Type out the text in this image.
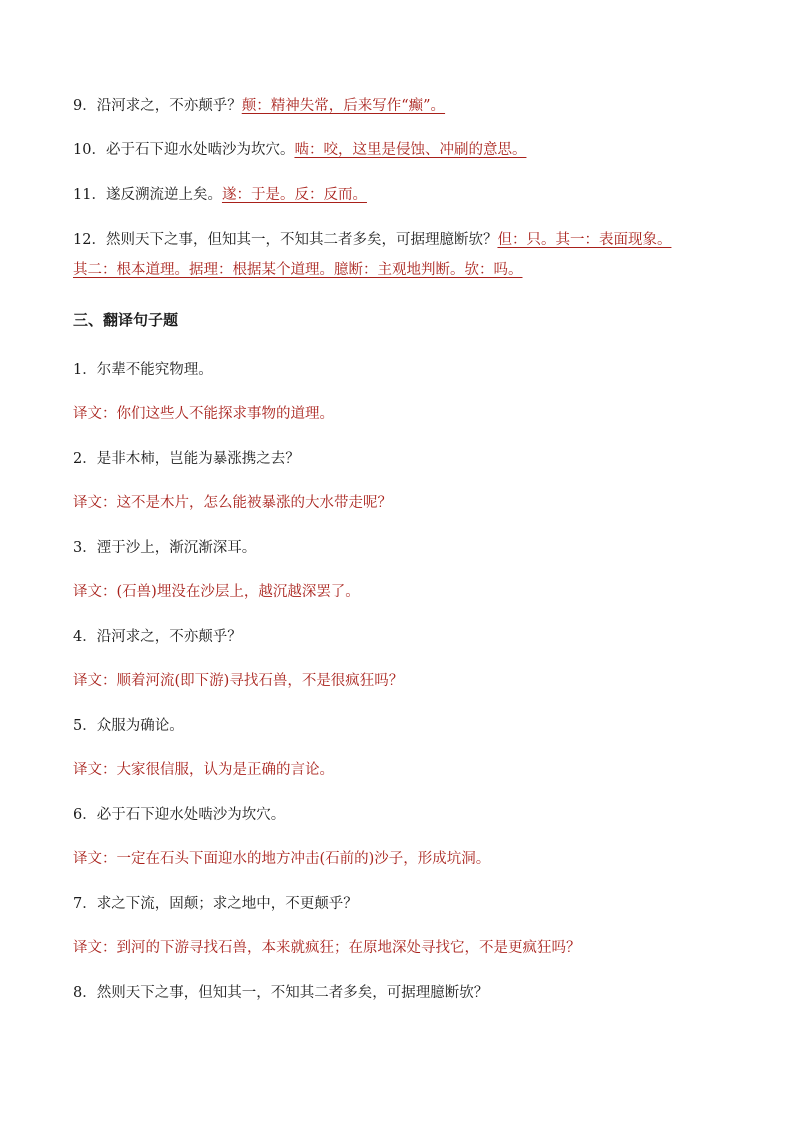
9．沿河求之，不亦颠乎？颠：精神失常，后来写作“癫”。
10．必于石下迎水处啮沙为坎穴。啮：咬，这里是侵蚀、冲刷的意思。
11．遂反溯流逆上矣。遂：于是。反：反而。
12．然则天下之事，但知其一，不知其二者多矣，可据理臆断欤？但：只。其一：表面现象。
其二：根本道理。据理：根据某个道理。臆断：主观地判断。欤：吗。
三、翻译句子题
1．尔辈不能究物理。
译文：你们这些人不能探求事物的道理。
2．是非木柿，岂能为暴涨携之去？
译文：这不是木片，怎么能被暴涨的大水带走呢？
3．湮于沙上，渐沉渐深耳。
译文：(石兽)埋没在沙层上，越沉越深罢了。
4．沿河求之，不亦颠乎？
译文：顺着河流(即下游)寻找石兽，不是很疯狂吗？
5．众服为确论。
译文：大家很信服，认为是正确的言论。
6．必于石下迎水处啮沙为坎穴。
译文：一定在石头下面迎水的地方冲击(石前的)沙子，形成坑洞。
7．求之下流，固颠；求之地中，不更颠乎？
译文：到河的下游寻找石兽，本来就疯狂；在原地深处寻找它，不是更疯狂吗？
8．然则天下之事，但知其一，不知其二者多矣，可据理臆断欤？
